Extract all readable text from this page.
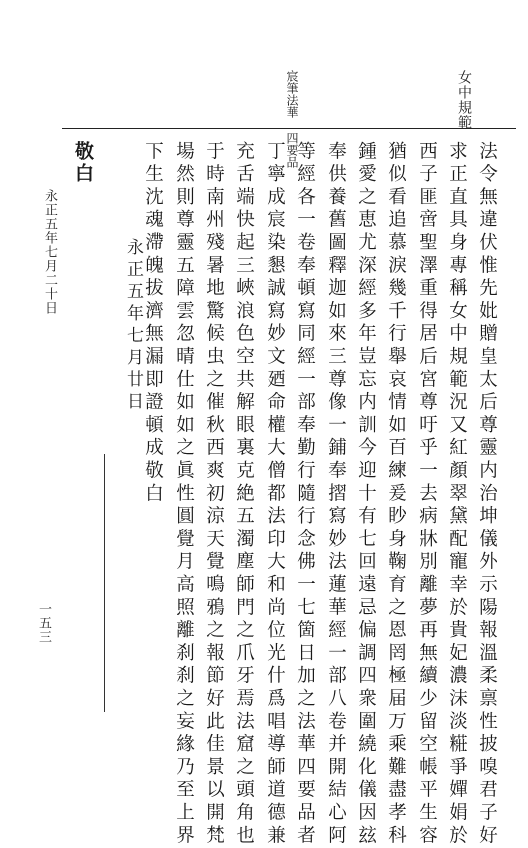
女中規範
宸筆法華 四要品	法令無違伏惟先妣贈皇太后尊靈内治坤儀外示陽報溫柔禀性披嗅君子好
求正直具身專稱女中規範況又紅顏翠黛配寵幸於貴妃濃沫淡糚爭嬋娟於
西子匪啻聖澤重得居后宮尊吁乎一去病牀別離夢再無續少留空帳平生容
猶似看追慕淚幾千行舉哀情如百練爰眇身鞠育之恩罔極届万乘難盡孝科
鍾愛之恵尤深經多年豈忘内訓今迎十有七回遠忌偏調四衆圍繞化儀因玆
奉供養舊圖釋迦如來三尊像一鋪奉摺寫妙法蓮華經一部八卷并開結心阿
等經各一卷奉頓寫同經一部奉勤行隨行念佛一七箇日加之法華四要品者
丁寧成宸染懇誠寫妙文廼命權大僧都法印大和尚位光什爲唱導師道德兼
充舌端快起三峽浪色空共解眼裏克絶五濁塵師門之爪牙焉法窟之頭角也
于時南州殘暑地驚候虫之催秋西爽初涼天覺鳴鴉之報節好此佳景以開梵
場然則尊靈五障雲忽晴仕如如之眞性圓覺月高照離刹刹之妄緣乃至上界
下生沈魂滯魄拔濟無漏即證頓成敬白
永正五年七月廿日
敬白
永正五年七月二十日
一五三
